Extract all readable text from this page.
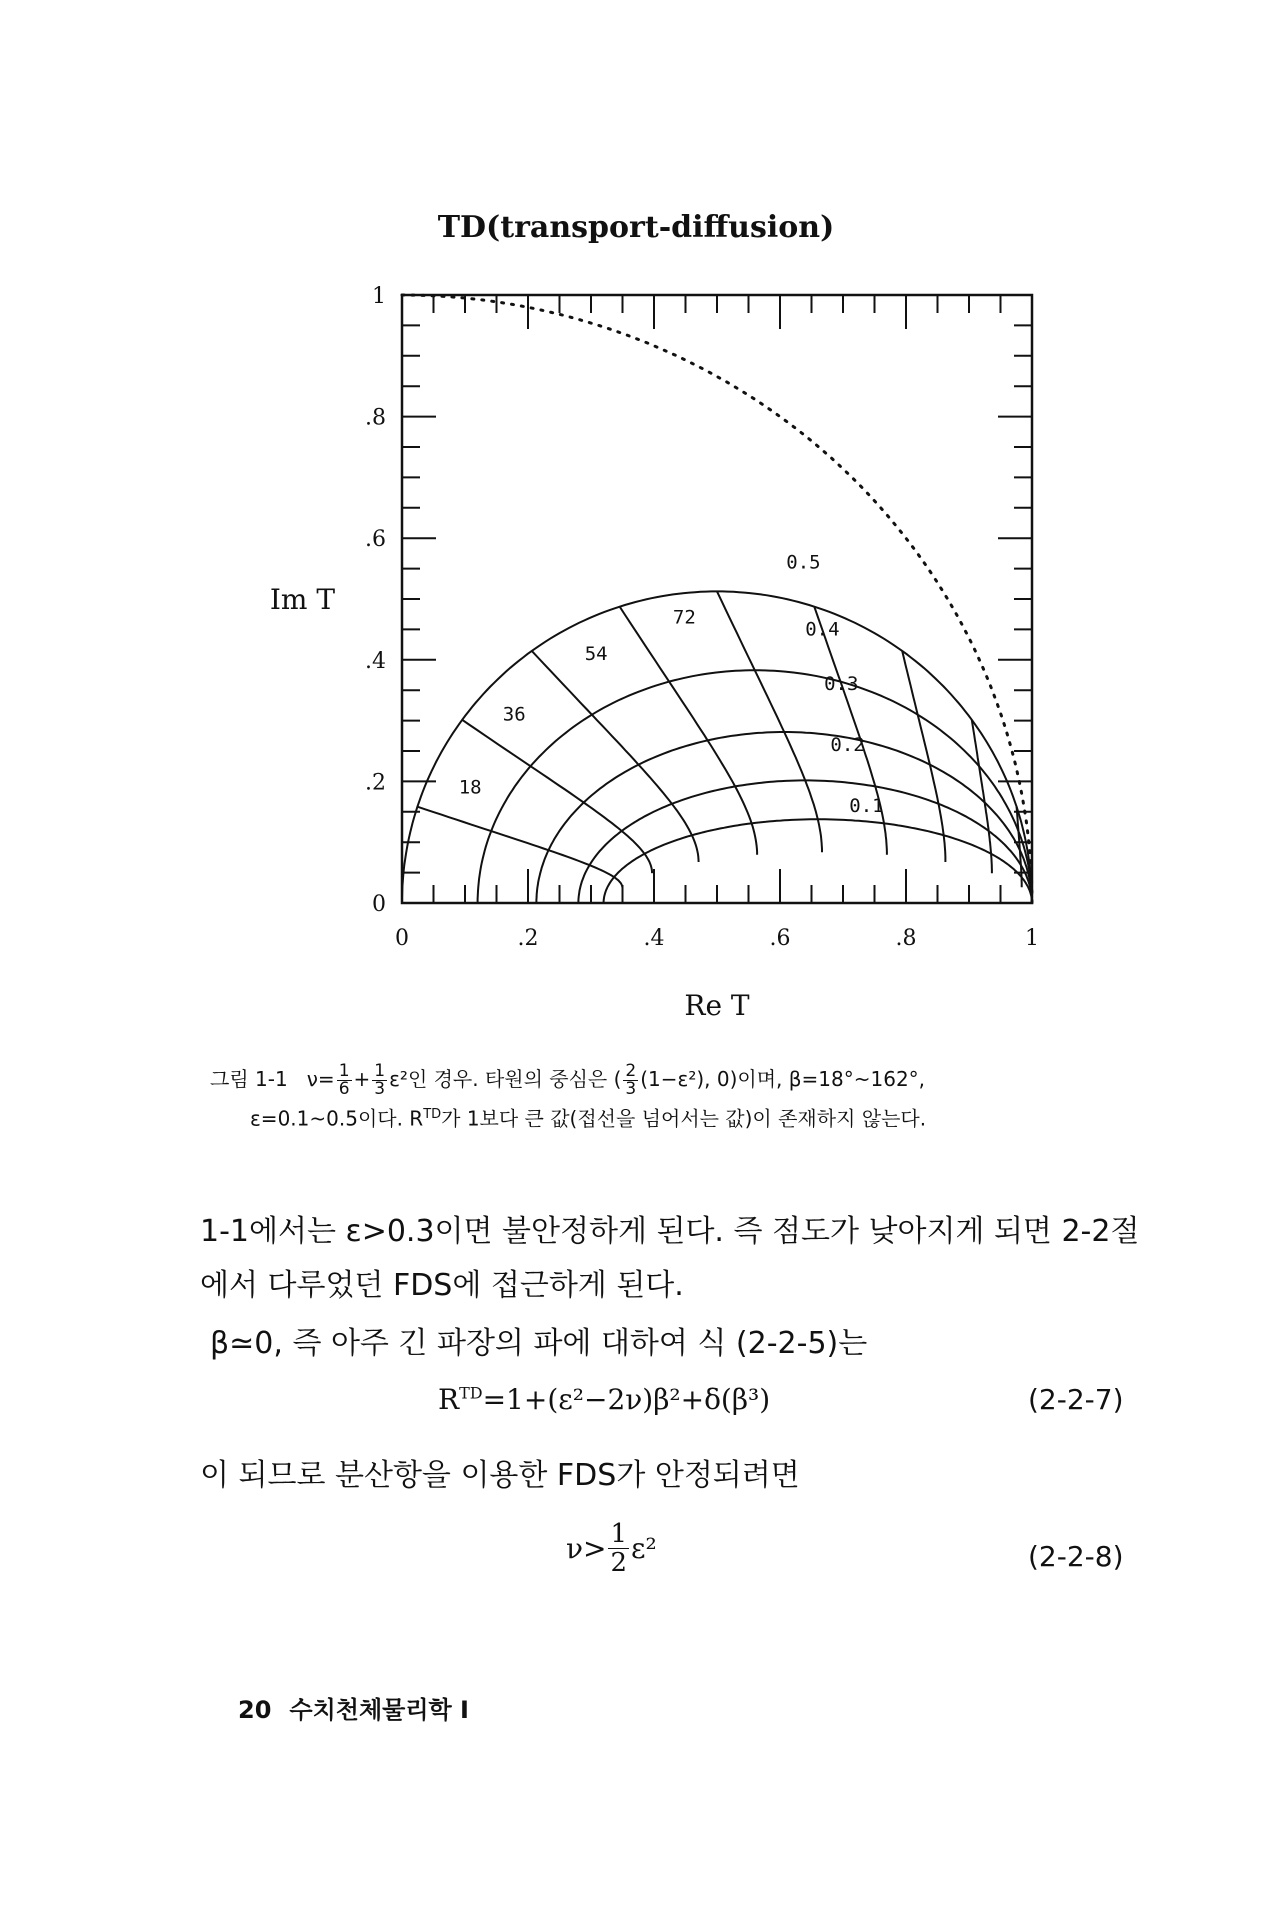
TD(transport-diffusion)
0	.2	.4	.6	.8	1
0
.2
.4
.6
.8
1
Re T
Im T
0.1
0.2
0.3
0.4
0.5
18
36
54
72
그림 1-1 $\nu= \frac{1}{6} + \frac{1}{3} \varepsilon^2$인 경우. 타원의 중심은 ( $\frac{2}{3} (1-\varepsilon^2)$, 0)이며, β=18°~162°,
ε=0.1~0.5이다. $R^{TD}$가 1보다 큰 값(접선을 넘어서는 값)이 존재하지 않는다.
1-1에서는 ε>0.3이면 불안정하게 된다. 즉 점도가 낮아지게 되면 2-2절 에서 다루었던 FDS에 접근하게 된다.
β≃0, 즉 아주 긴 파장의 파에 대하여 식 (2-2-5)는
$R^{TD}=1+(\varepsilon^2-2\nu)\beta^2+\delta(\beta^3)$	(2-2-7)
이 되므로 분산항을 이용한 FDS가 안정되려면
$\nu> \frac{1}{2} \varepsilon^2$	(2-2-8)
20 수치천체물리학 I
